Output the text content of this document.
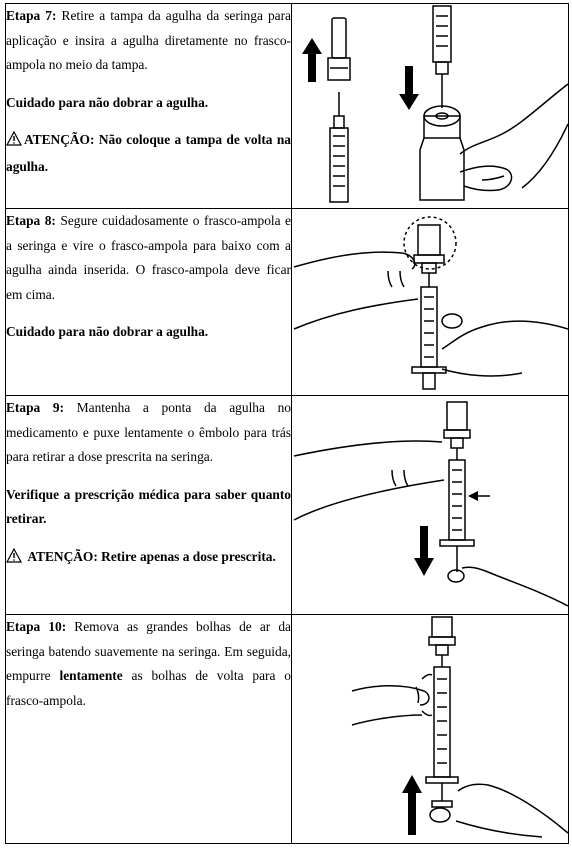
Etapa 7: Retire a tampa da agulha da seringa para aplicação e insira a agulha diretamente no frasco-ampola no meio da tampa.

Cuidado para não dobrar a agulha.

ATENÇÃO: Não coloque a tampa de volta na agulha.

Etapa 8: Segure cuidadosamente o frasco-ampola e a seringa e vire o frasco-ampola para baixo com a agulha ainda inserida. O frasco-ampola deve ficar em cima.

Cuidado para não dobrar a agulha.

Etapa 9: Mantenha a ponta da agulha no medicamento e puxe lentamente o êmbolo para trás para retirar a dose prescrita na seringa.

Verifique a prescrição médica para saber quanto retirar.

ATENÇÃO: Retire apenas a dose prescrita.

Etapa 10: Remova as grandes bolhas de ar da seringa batendo suavemente na seringa. Em seguida, empurre lentamente as bolhas de volta para o frasco-ampola.
